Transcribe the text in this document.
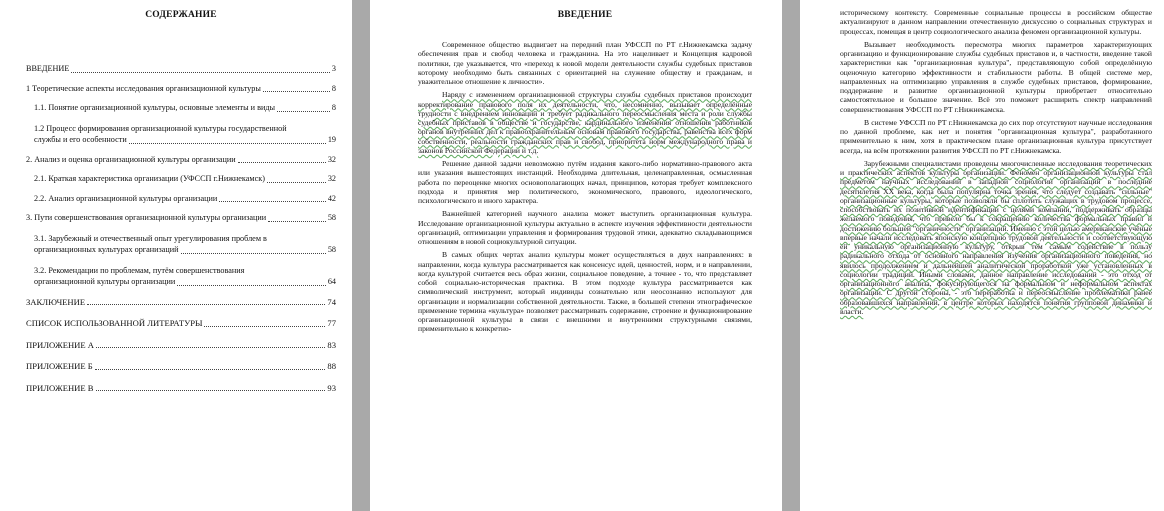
СОДЕРЖАНИЕ
ВВЕДЕНИЕ	3
1 Теоретические аспекты исследования организационной культуры	8
1.1. Понятие организационной культуры, основные элементы и виды	8
1.2 Процесс формирования организационной культуры государственной
службы и его особенности	19
2. Анализ и оценка организационной культуры организации	32
2.1. Краткая характеристика организации (УФССП г.Нижнекамск)	32
2.2. Анализ организационной культуры организации	42
3. Пути совершенствования организационной культуры организации	58
3.1. Зарубежный и отечественный опыт урегулирования проблем в
организационных культурах организаций	58
3.2. Рекомендации по проблемам, путём совершенствования
организационной культуры организации	64
ЗАКЛЮЧЕНИЕ	74
СПИСОК ИСПОЛЬЗОВАННОЙ ЛИТЕРАТУРЫ	77
ПРИЛОЖЕНИЕ А	83
ПРИЛОЖЕНИЕ Б	88
ПРИЛОЖЕНИЕ В	93
ВВЕДЕНИЕ

Современное общество выдвигает на передний план УФССП по РТ г.Нижнекамска задачу обеспечения прав и свобод человека и гражданина. На это нацеливает и Концепция кадровой политики, где указывается, что «переход к новой модели деятельности службы судебных приставов которому необходимо быть связанных с ориентацией на служение обществу и гражданам, и уважительное отношение к личности».

Наряду с изменением организационной структуры службы судебных приставов происходит корректирование правового поля их деятельности, что, несомненно, вызывает определённые трудности с внедрением инноваций и требует радикального переосмысления места и роли службы судебных приставов в обществе и государстве, кардинального изменения отношения работников органов внутренних дел к правоохранительным основам правового государства, равенства всех форм собственности, реальности гражданских прав и свобод, приоритета норм международного права и законов Российской Федерации и т.д.

Решение данной задачи невозможно путём издания какого-либо нормативно-правового акта или указания вышестоящих инстанций. Необходима длительная, целенаправленная, осмысленная работа по переоценке многих основополагающих начал, принципов, которая требует комплексного подхода и принятия мер политического, экономического, правового, идеологического, психологического и иного характера.

Важнейшей категорией научного анализа может выступить организационная культура. Исследование организационной культуры актуально в аспекте изучения эффективности деятельности организаций, оптимизации управления и формирования трудовой этики, адекватно складывающимся отношениям в новой социокультурной ситуации.

В самых общих чертах анализ культуры может осуществляться в двух направлениях: в направлении, когда культура рассматривается как консенсус идей, ценностей, норм, и в направлении, когда культурой считается весь образ жизни, социальное поведение, а точнее - то, что представляет собой социально-историческая практика. В этом подходе культура рассматривается как символический инструмент, который индивиды сознательно или неосознанно используют для организации и нормализации собственной деятельности. Также, в большей степени этнографическое применение термина «культура» позволяет рассматривать содержание, строение и функционирование организационной культуры в связи с внешними и внутренними структурными связями, применительно к конкретно-

историческому контексту. Современные социальные процессы в российском обществе актуализируют в данном направлении отечественную дискуссию о социальных структурах и процессах, помещая в центр социологического анализа феномен организационной культуры.

Вызывает необходимость пересмотра многих параметров характеризующих организацию и функционирование службы судебных приставов и, в частности, введение такой характеристики как "организационная культура", представляющую собой определённую оценочную категорию эффективности и стабильности работы. В общей системе мер, направленных на оптимизацию управления в службе судебных приставов, формирование, поддержание и развитие организационной культуры приобретает относительно самостоятельное и большое значение. Всё это поможет расширить спектр направлений совершенствования УФССП по РТ г.Нижнекамска.

В системе УФССП по РТ г.Нижнекамска до сих пор отсутствуют научные исследования по данной проблеме, как нет и понятия "организационная культура", разработанного применительно к ним, хотя в практическом плане организационная культура присутствует всегда, на всём протяжении развития УФССП по РТ г.Нижнекамска.

Зарубежными специалистами проведены многочисленные исследования теоретических и практических аспектов культуры организации. Феномен организационной культуры стал предметом научных исследований в западной социологии организаций в последние десятилетия XX века, когда была популярна точка зрения, что следует создавать "сильные" организационные культуры, которые позволяли бы сплотить служащих в трудовом процессе, способствовать их позитивной идентификации с целями компании, поддерживать образцы желаемого поведения, что привело бы к сокращению количества формальных правил и достижению большей "органичности" организаций. Именно с этой целью американские учёные впервые начали исследовать японскую концепцию трудовой деятельности и соответствующую ей уникальную организационную культуру, открыв тем самым содействие в пользу радикального отхода от основного направления изучения организационного поведения, но явилось продолжением и дальнейшей аналитической проработкой уже установленных в социологии традиций. Иными словами, данное направление исследований - это отход от организационного анализа, фокусирующегося на формальном и неформальном аспектах организации. С другой стороны, - это переработка и переосмысление проблематики ранее образовавшихся направлений, в центре которых находятся понятия групповой динамики и власти.
